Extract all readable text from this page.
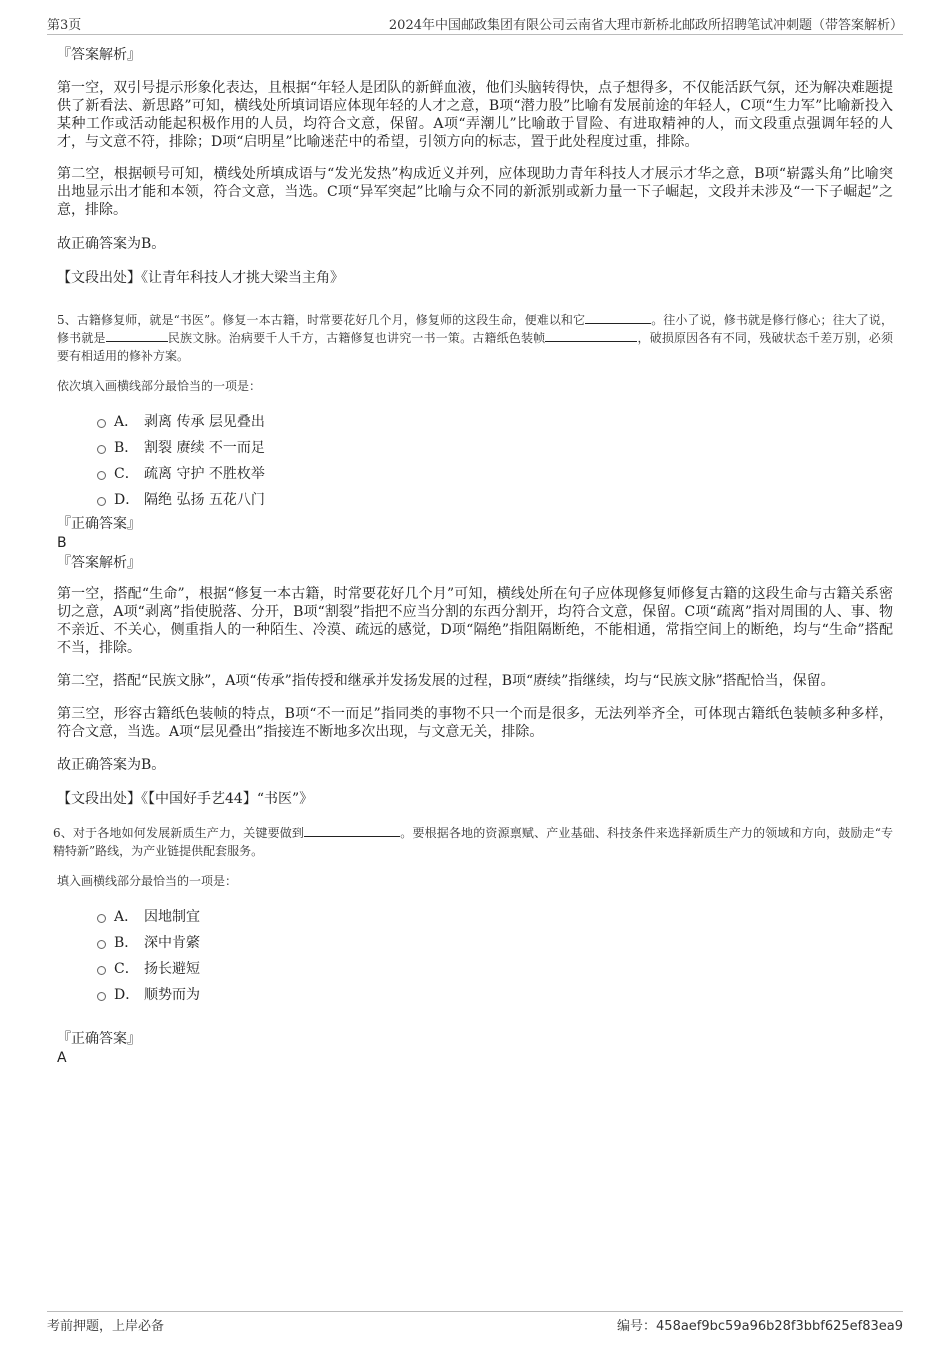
第3页	2024年中国邮政集团有限公司云南省大理市新桥北邮政所招聘笔试冲刺题（带答案解析）

『答案解析』

第一空，双引号提示形象化表达，且根据“年轻人是团队的新鲜血液，他们头脑转得快，点子想得多，不仅能活跃气氛，还为解决难题提供了新看法、新思路”可知，横线处所填词语应体现年轻的人才之意，B项“潜力股”比喻有发展前途的年轻人，C项“生力军”比喻新投入某种工作或活动能起积极作用的人员，均符合文意，保留。A项“弄潮儿”比喻敢于冒险、有进取精神的人，而文段重点强调年轻的人才，与文意不符，排除；D项“启明星”比喻迷茫中的希望，引领方向的标志，置于此处程度过重，排除。

第二空，根据顿号可知，横线处所填成语与“发光发热”构成近义并列，应体现助力青年科技人才展示才华之意，B项“崭露头角”比喻突出地显示出才能和本领，符合文意，当选。C项“异军突起”比喻与众不同的新派别或新力量一下子崛起，文段并未涉及“一下子崛起”之意，排除。

故正确答案为B。

【文段出处】《让青年科技人才挑大梁当主角》

5、古籍修复师，就是“书医”。修复一本古籍，时常要花好几个月，修复师的这段生命，便难以和它	。往小了说，修书就是修行修心；往大了说，修书就是	民族文脉。治病要千人千方，古籍修复也讲究一书一策。古籍纸色装帧	，破损原因各有不同，残破状态千差万别，必须要有相适用的修补方案。

依次填入画横线部分最恰当的一项是：

A． 剥离 传承 层见叠出
B． 割裂 赓续 不一而足
C． 疏离 守护 不胜枚举
D． 隔绝 弘扬 五花八门

『正确答案』

B

『答案解析』

第一空，搭配“生命”，根据“修复一本古籍，时常要花好几个月”可知，横线处所在句子应体现修复师修复古籍的这段生命与古籍关系密切之意，A项“剥离”指使脱落、分开，B项“割裂”指把不应当分割的东西分割开，均符合文意，保留。C项“疏离”指对周围的人、事、物不亲近、不关心，侧重指人的一种陌生、冷漠、疏远的感觉，D项“隔绝”指阻隔断绝，不能相通，常指空间上的断绝，均与“生命”搭配不当，排除。

第二空，搭配“民族文脉”，A项“传承”指传授和继承并发扬发展的过程，B项“赓续”指继续，均与“民族文脉”搭配恰当，保留。

第三空，形容古籍纸色装帧的特点，B项“不一而足”指同类的事物不只一个而是很多，无法列举齐全，可体现古籍纸色装帧多种多样，符合文意，当选。A项“层见叠出”指接连不断地多次出现，与文意无关，排除。

故正确答案为B。

【文段出处】《【中国好手艺44】“书医”》

6、对于各地如何发展新质生产力，关键要做到	。要根据各地的资源禀赋、产业基础、科技条件来选择新质生产力的领域和方向，鼓励走“专精特新”路线，为产业链提供配套服务。

填入画横线部分最恰当的一项是：

A． 因地制宜
B． 深中肯綮
C． 扬长避短
D． 顺势而为

『正确答案』

A

考前押题，上岸必备	编号：458aef9bc59a96b28f3bbf625ef83ea9
